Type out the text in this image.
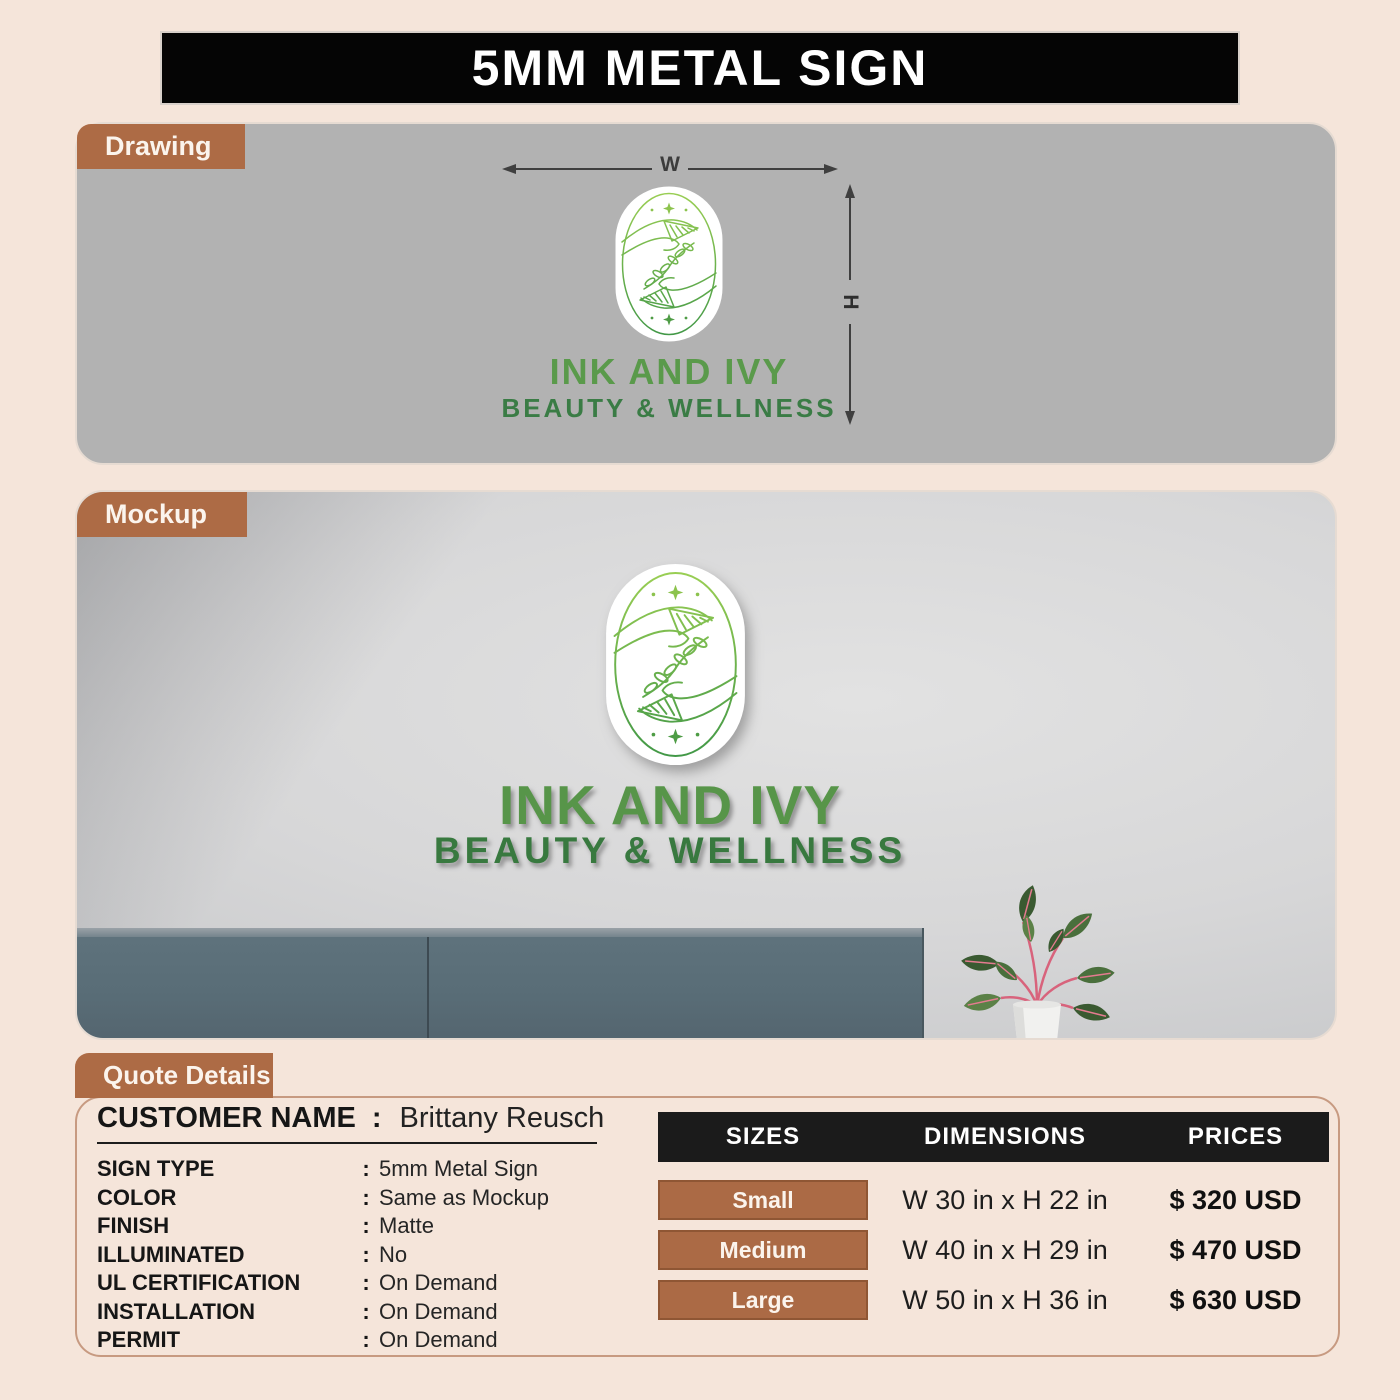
5MM METAL SIGN
Drawing
W
H
INK AND IVY
BEAUTY & WELLNESS
Mockup
INK AND IVY
BEAUTY & WELLNESS
Quote Details
CUSTOMER NAME : Brittany Reusch
SIGN TYPE	: 5mm Metal Sign
COLOR	: Same as Mockup
FINISH	: Matte
ILLUMINATED	: No
UL CERTIFICATION	: On Demand
INSTALLATION	: On Demand
PERMIT	: On Demand
SIZES	DIMENSIONS	PRICES
Small	W 30 in x H 22 in	$ 320 USD
Medium	W 40 in x H 29 in	$ 470 USD
Large	W 50 in x H 36 in	$ 630 USD
